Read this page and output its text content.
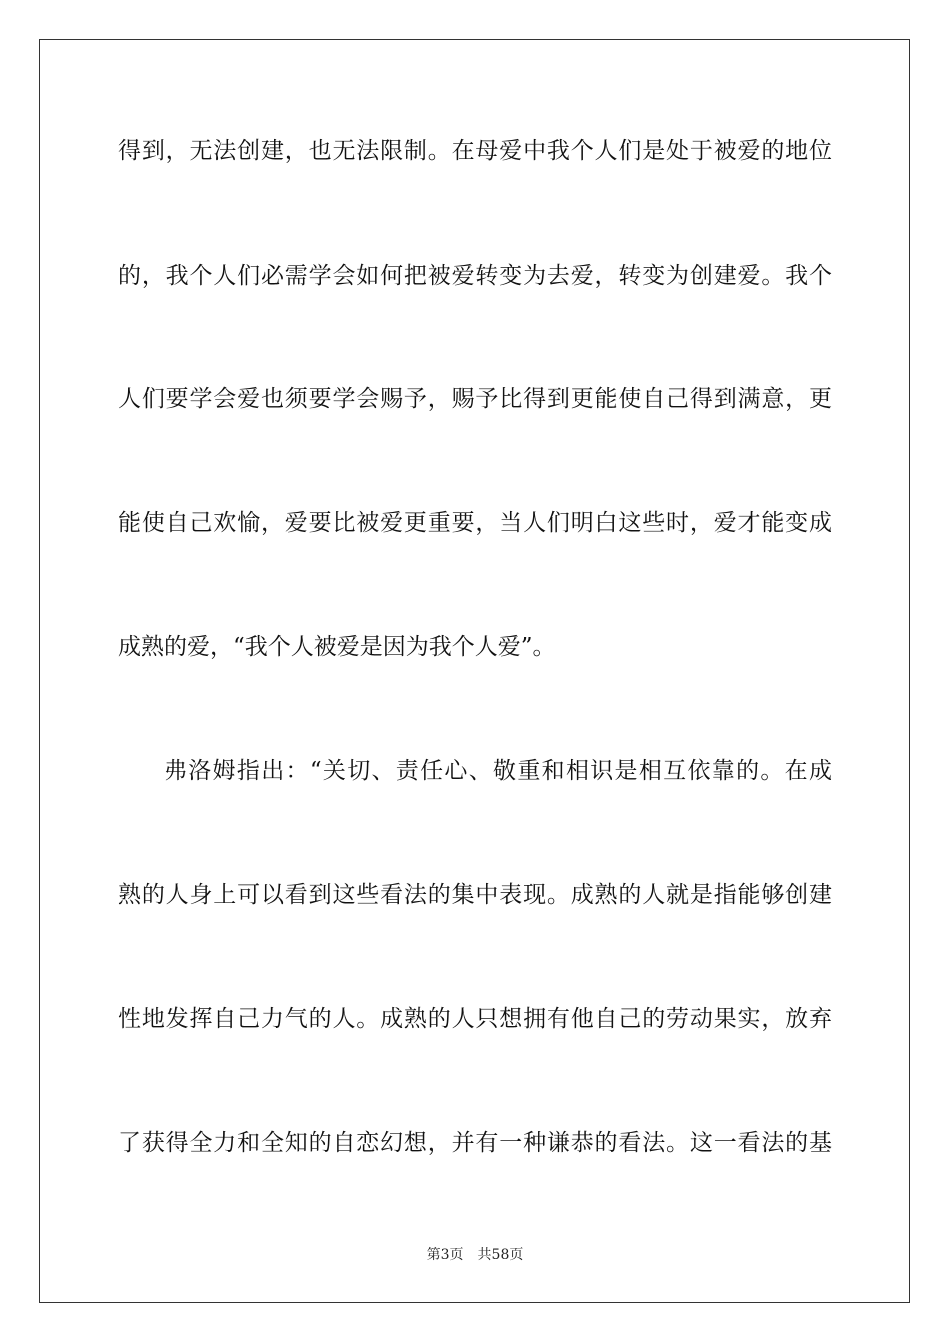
得到，无法创建，也无法限制。在母爱中我个人们是处于被爱的地位
的，我个人们必需学会如何把被爱转变为去爱，转变为创建爱。我个
人们要学会爱也须要学会赐予，赐予比得到更能使自己得到满意，更
能使自己欢愉，爱要比被爱更重要，当人们明白这些时，爱才能变成
成熟的爱，“我个人被爱是因为我个人爱”。
弗洛姆指出：“关切、责任心、敬重和相识是相互依靠的。在成
熟的人身上可以看到这些看法的集中表现。成熟的人就是指能够创建
性地发挥自己力气的人。成熟的人只想拥有他自己的劳动果实，放弃
了获得全力和全知的自恋幻想，并有一种谦恭的看法。这一看法的基
第3页 共58页
